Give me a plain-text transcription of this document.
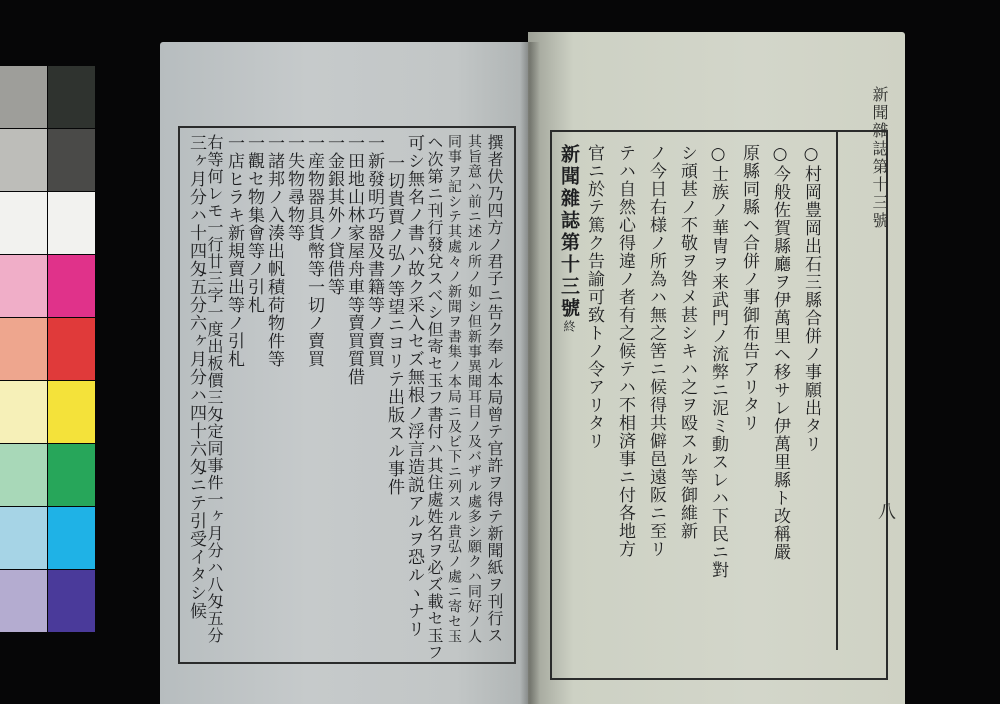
新聞雜誌第十三號
八
○村岡豊岡出石三縣合併ノ事願出タリ
○今般佐賀縣廳ヲ伊萬里ヘ移サレ伊萬里縣ト改稱嚴
原縣同縣ヘ合併ノ事御布告アリタリ
○士族ノ華冑ヲ来武門ノ流弊ニ泥ミ動スレハ下民ニ對
シ頑甚ノ不敬ヲ咎メ甚シキハ之ヲ殴スル等御維新
ノ今日右様ノ所為ハ無之筈ニ候得共僻邑遠阪ニ至リ
テハ自然心得違ノ者有之候テハ不相済事ニ付各地方
官ニ於テ篤ク告諭可致トノ令アリタリ
新聞雜誌第十三號終
撰者伏乃四方ノ君子ニ告ク奉ル本局曾テ官許ヲ得テ新聞紙ヲ刊行ス
其旨意ハ前ニ述ル所ノ如シ但新事異聞耳目ノ及バザル處多シ願クハ同好ノ人
同事ヲ記シテ其處々ノ新聞ヲ書集ノ本局ニ及ビ下ニ列スル貴弘ノ處ニ寄セ玉
ヘ次第ニ刊行發兌スベシ但寄セ玉フ書付ハ其住處姓名ヲ必ズ載セ玉フ
可シ無名ノ書ハ故ク采入セズ無根ノ浮言造説アルヲ恐ルヽナリ
一切貴賈ノ弘ノ等望ニヨリテ出版スル事件
一新發明巧器及書籍等ノ賣買
一田地山林家屋舟車等賣買質借
一金銀其外ノ貸借等
一産物器具貨幣等一切ノ賣買
一失物尋物等
一諸邦ノ入湊出帆積荷物件等
一觀セ物集會等ノ引札
一店ヒラキ新規賣出等ノ引札
右等何レモ一行廿三字一度出板價三匁定同事件一ヶ月分ハ八匁五分
三ヶ月分ハ十四匁五分六ヶ月分ハ四十六匁ニテ引受イタシ候
